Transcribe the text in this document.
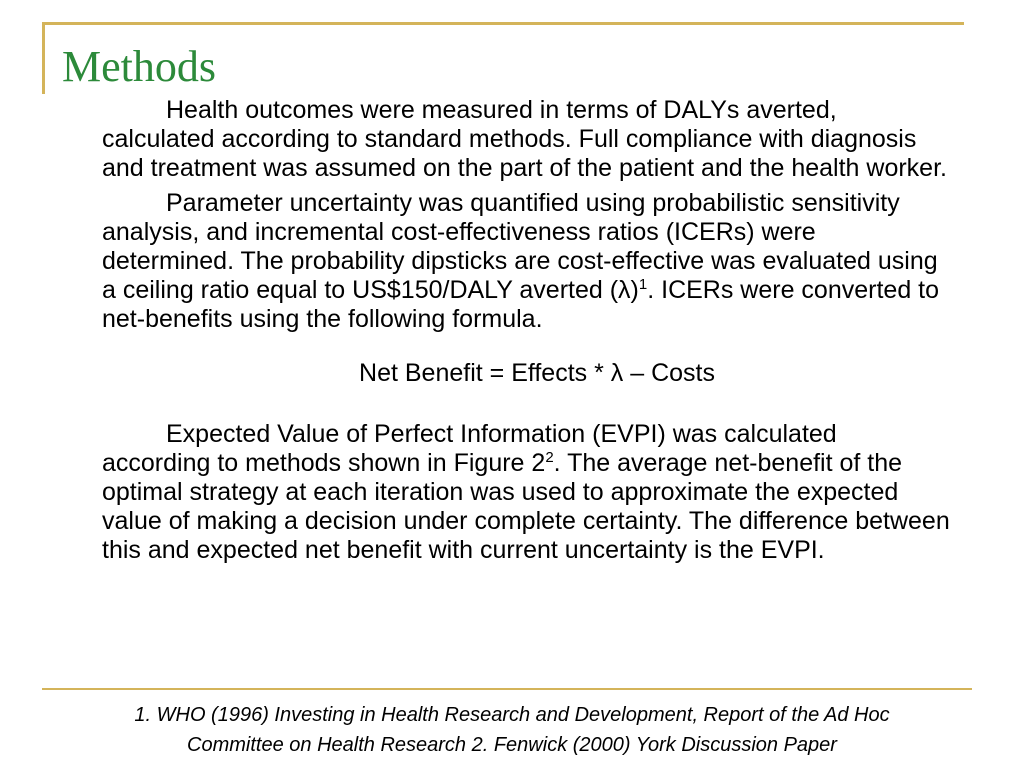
Methods

Health outcomes were measured in terms of DALYs averted, calculated according to standard methods. Full compliance with diagnosis and treatment was assumed on the part of the patient and the health worker.

Parameter uncertainty was quantified using probabilistic sensitivity analysis, and incremental cost-effectiveness ratios (ICERs) were determined. The probability dipsticks are cost-effective was evaluated using a ceiling ratio equal to US$150/DALY averted $(\lambda)^1$. ICERs were converted to net-benefits using the following formula.

Net Benefit = Effects * λ – Costs

Expected Value of Perfect Information (EVPI) was calculated according to methods shown in Figure $2^2$. The average net-benefit of the optimal strategy at each iteration was used to approximate the expected value of making a decision under complete certainty. The difference between this and expected net benefit with current uncertainty is the EVPI.

1. WHO (1996) Investing in Health Research and Development, Report of the Ad Hoc
Committee on Health Research 2. Fenwick (2000) York Discussion Paper
